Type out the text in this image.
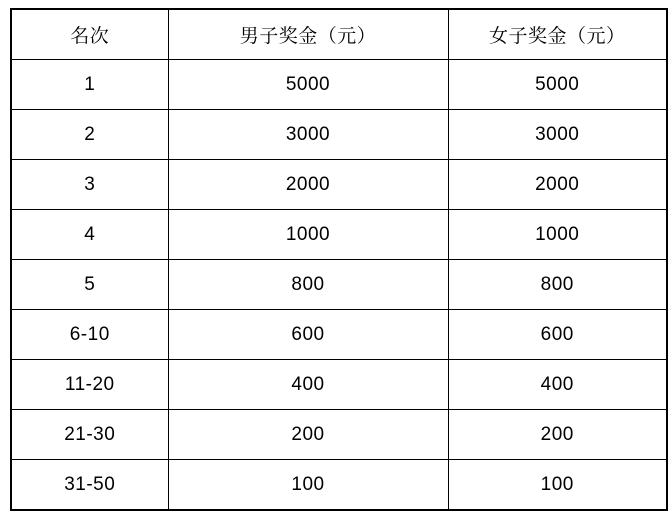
名次	男子奖金（元）	女子奖金（元）
1	5000	5000
2	3000	3000
3	2000	2000
4	1000	1000
5	800	800
6-10	600	600
11-20	400	400
21-30	200	200
31-50	100	100
